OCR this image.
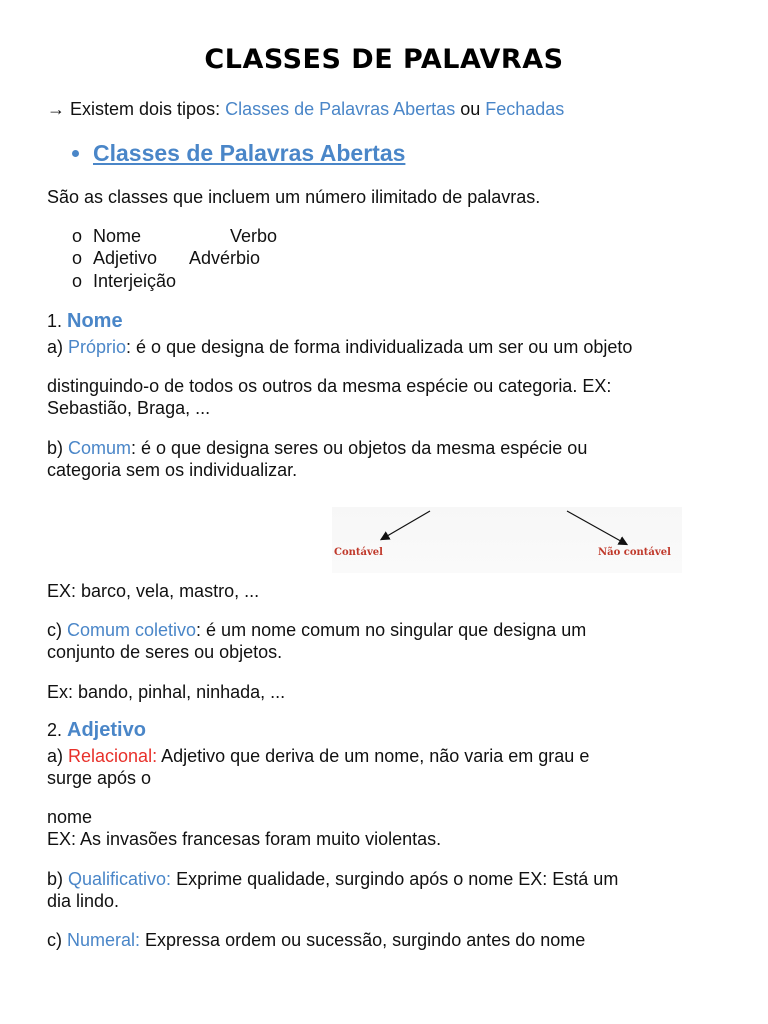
CLASSES DE PALAVRAS
→ Existem dois tipos: Classes de Palavras Abertas ou Fechadas
Classes de Palavras Abertas
São as classes que incluem um número ilimitado de palavras.
o Nome	Verbo
o Adjetivo Advérbio
o Interjeição
1. Nome
a) Próprio: é o que designa de forma individualizada um ser ou um objeto
distinguindo-o de todos os outros da mesma espécie ou categoria. EX:
Sebastião, Braga, ...
b) Comum: é o que designa seres ou objetos da mesma espécie ou
categoria sem os individualizar.
Contável	Não contável
EX: barco, vela, mastro, ...
c) Comum coletivo: é um nome comum no singular que designa um
conjunto de seres ou objetos.
Ex: bando, pinhal, ninhada, ...
2. Adjetivo
a) Relacional: Adjetivo que deriva de um nome, não varia em grau e
surge após o
nome
EX: As invasões francesas foram muito violentas.
b) Qualificativo: Exprime qualidade, surgindo após o nome EX: Está um
dia lindo.
c) Numeral: Expressa ordem ou sucessão, surgindo antes do nome
